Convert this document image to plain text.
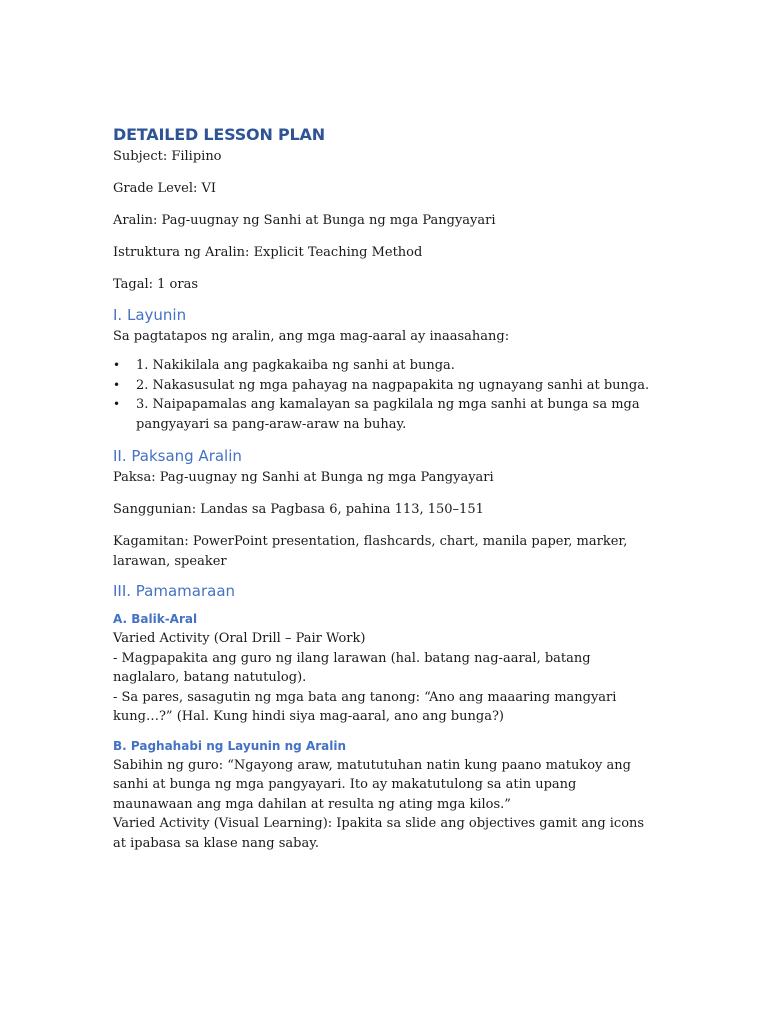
DETAILED LESSON PLAN

Subject: Filipino

Grade Level: VI

Aralin: Pag-uugnay ng Sanhi at Bunga ng mga Pangyayari

Istruktura ng Aralin: Explicit Teaching Method

Tagal: 1 oras

I. Layunin

Sa pagtatapos ng aralin, ang mga mag-aaral ay inaasahang:

• 1. Nakikilala ang pagkakaiba ng sanhi at bunga.
• 2. Nakasusulat ng mga pahayag na nagpapakita ng ugnayang sanhi at bunga.
• 3. Naipapamalas ang kamalayan sa pagkilala ng mga sanhi at bunga sa mga pangyayari sa pang-araw-araw na buhay.
II. Paksang Aralin

Paksa: Pag-uugnay ng Sanhi at Bunga ng mga Pangyayari

Sanggunian: Landas sa Pagbasa 6, pahina 113, 150–151

Kagamitan: PowerPoint presentation, flashcards, chart, manila paper, marker, larawan, speaker

III. Pamamaraan
A. Balik-Aral

Varied Activity (Oral Drill – Pair Work)

- Magpapakita ang guro ng ilang larawan (hal. batang nag-aaral, batang naglalaro, batang natutulog).

- Sa pares, sasagutin ng mga bata ang tanong: “Ano ang maaaring mangyari kung…?” (Hal. Kung hindi siya mag-aaral, ano ang bunga?)

B. Paghahabi ng Layunin ng Aralin

Sabihin ng guro: “Ngayong araw, matututuhan natin kung paano matukoy ang sanhi at bunga ng mga pangyayari. Ito ay makatutulong sa atin upang maunawaan ang mga dahilan at resulta ng ating mga kilos.”

Varied Activity (Visual Learning): Ipakita sa slide ang objectives gamit ang icons at ipabasa sa klase nang sabay.
